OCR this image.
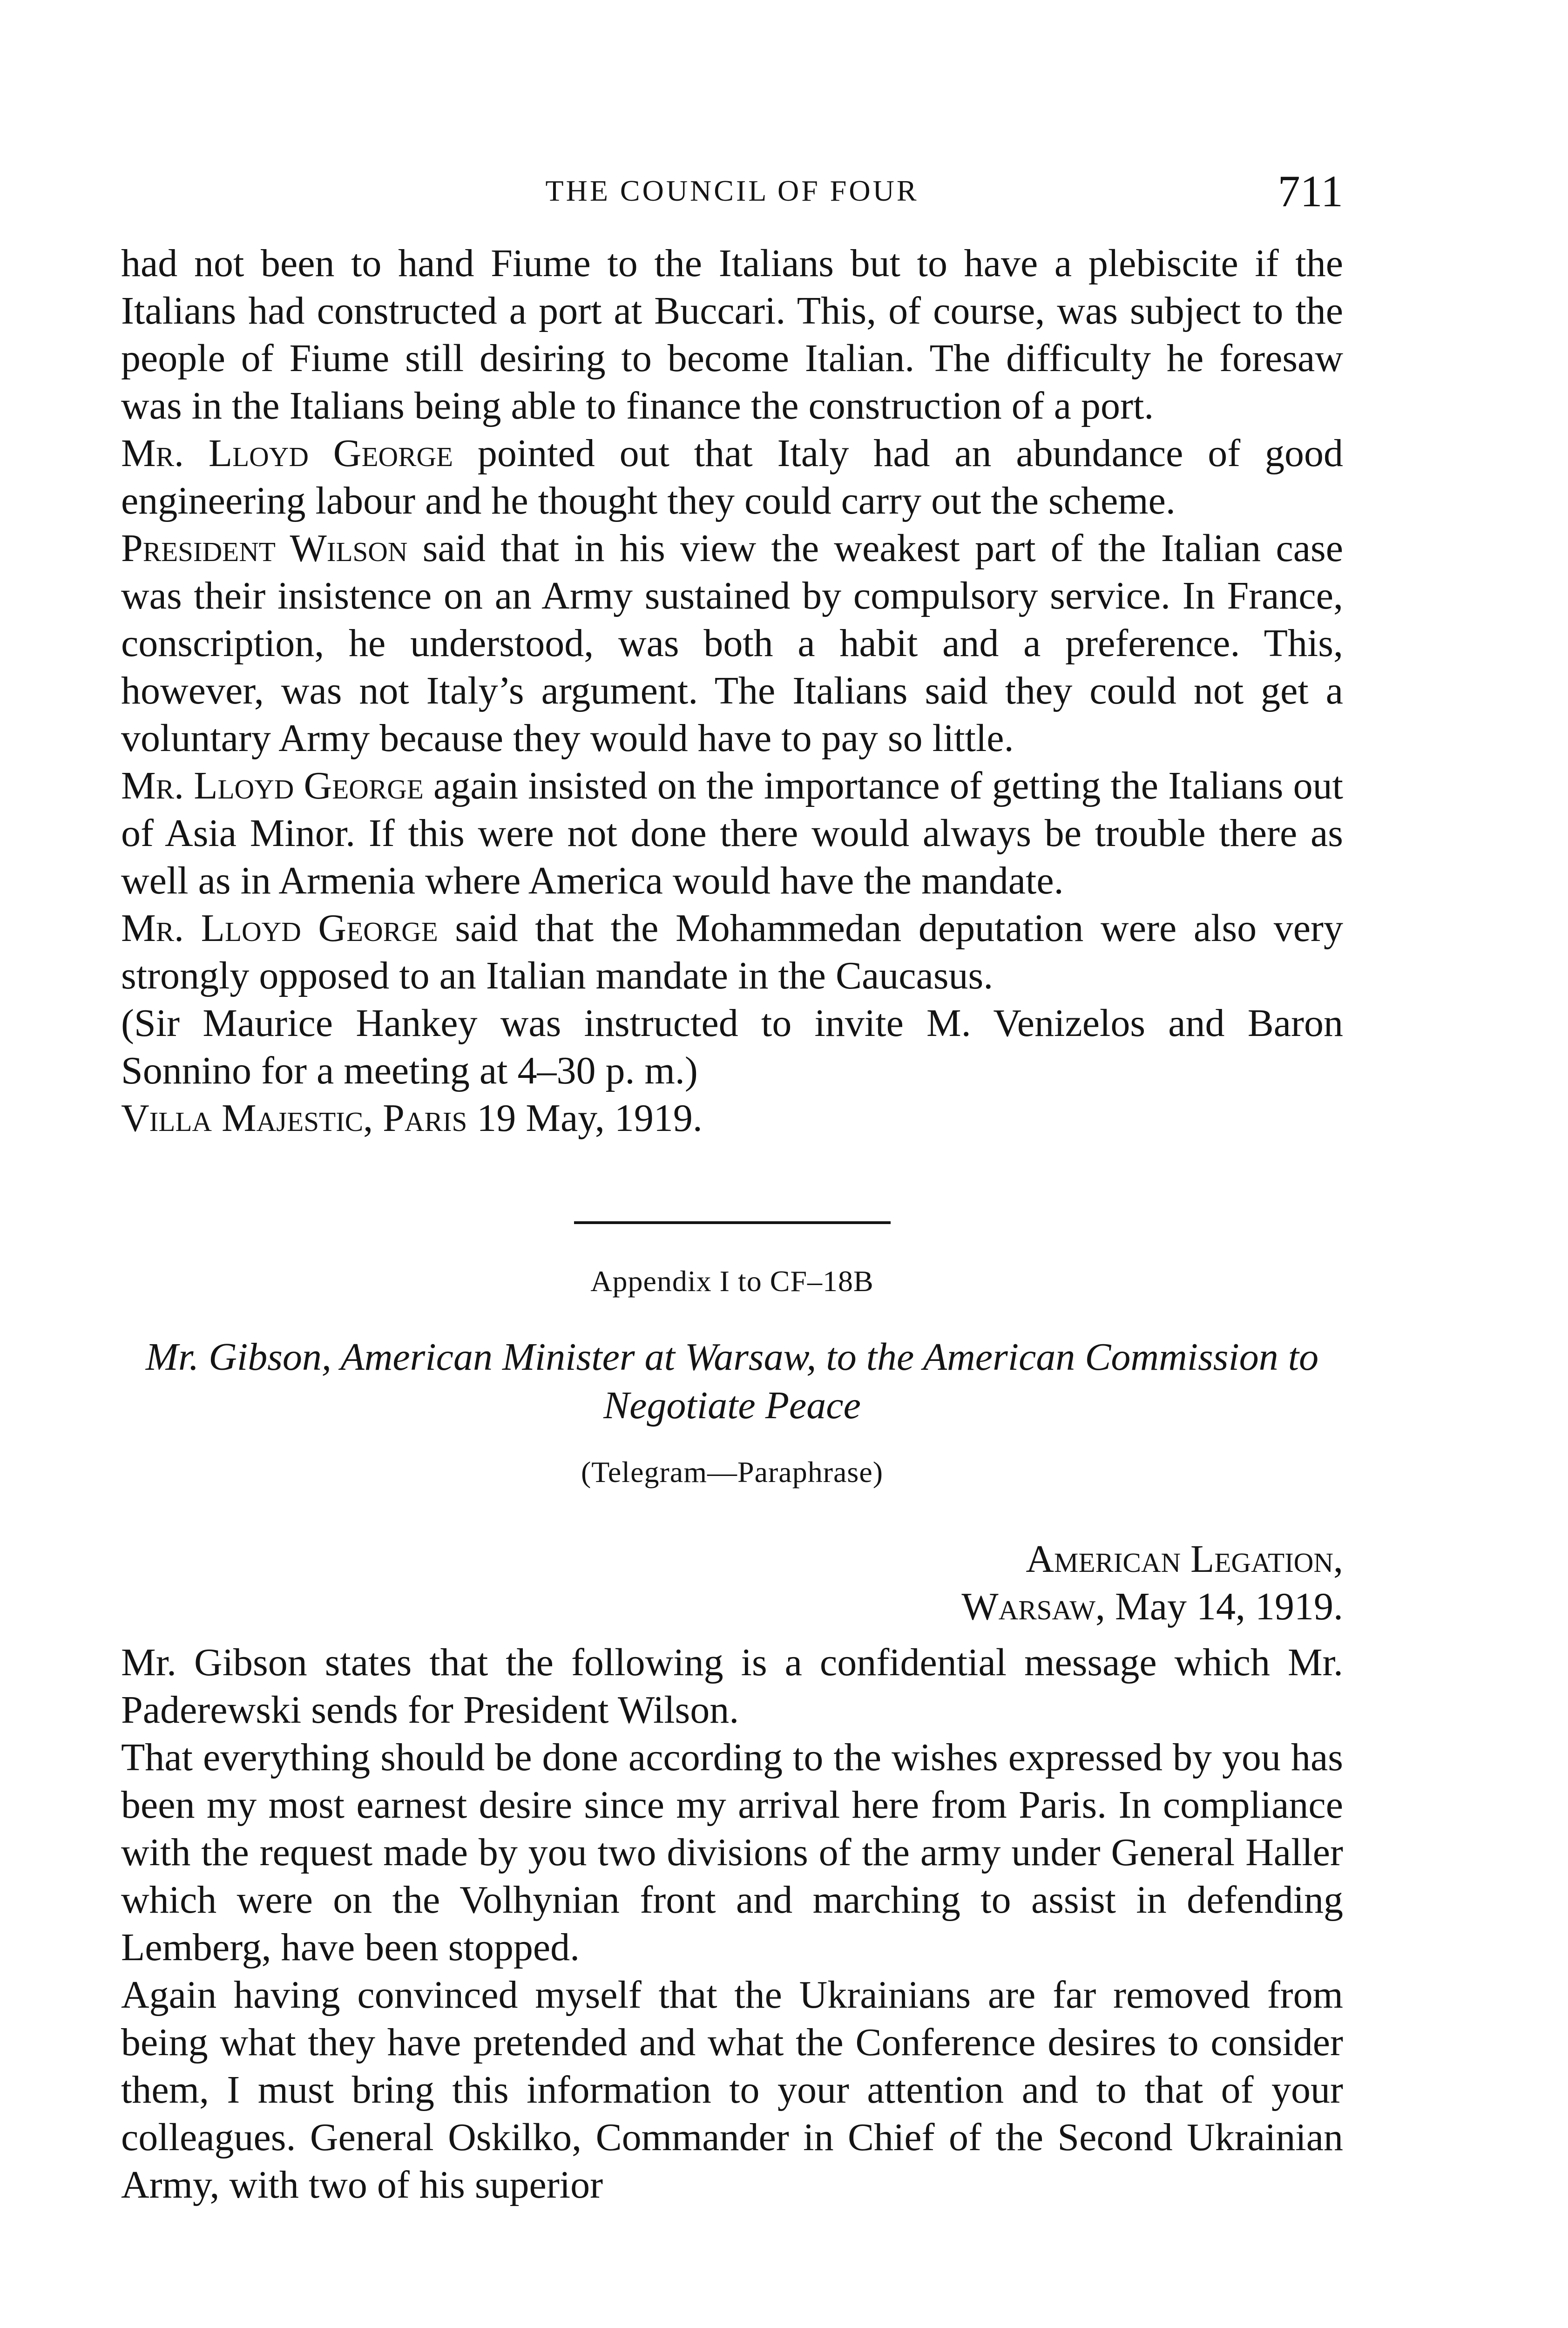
THE COUNCIL OF FOUR	711

had not been to hand Fiume to the Italians but to have a plebiscite if the Italians had constructed a port at Buccari. This, of course, was subject to the people of Fiume still desiring to become Italian. The difficulty he foresaw was in the Italians being able to finance the construction of a port.

Mr. Lloyd George pointed out that Italy had an abundance of good engineering labour and he thought they could carry out the scheme.

President Wilson said that in his view the weakest part of the Italian case was their insistence on an Army sustained by compulsory service. In France, conscription, he understood, was both a habit and a preference. This, however, was not Italy’s argument. The Italians said they could not get a voluntary Army because they would have to pay so little.

Mr. Lloyd George again insisted on the importance of getting the Italians out of Asia Minor. If this were not done there would always be trouble there as well as in Armenia where America would have the mandate.

Mr. Lloyd George said that the Mohammedan deputation were also very strongly opposed to an Italian mandate in the Caucasus.

(Sir Maurice Hankey was instructed to invite M. Venizelos and Baron Sonnino for a meeting at 4–30 p. m.)

Villa Majestic, Paris 19 May, 1919.

Appendix I to CF–18B
Mr. Gibson, American Minister at Warsaw, to the American Commission to Negotiate Peace
(Telegram—Paraphrase)
American Legation,
Warsaw, May 14, 1919.

Mr. Gibson states that the following is a confidential message which Mr. Paderewski sends for President Wilson.

That everything should be done according to the wishes expressed by you has been my most earnest desire since my arrival here from Paris. In compliance with the request made by you two divisions of the army under General Haller which were on the Volhynian front and marching to assist in defending Lemberg, have been stopped.

Again having convinced myself that the Ukrainians are far removed from being what they have pretended and what the Conference desires to consider them, I must bring this information to your attention and to that of your colleagues. General Oskilko, Commander in Chief of the Second Ukrainian Army, with two of his superior
